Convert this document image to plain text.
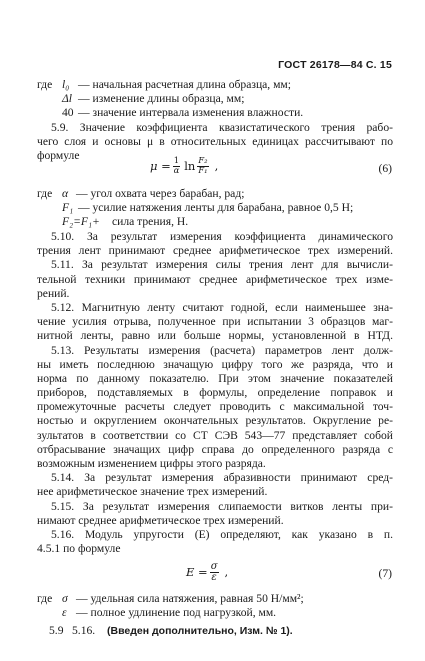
ГОСТ 26178—84 С. 15
где l₀ — начальная расчетная длина образца, мм;
Δl — изменение длины образца, мм;
40 — значение интервала изменения влажности.
5.9. Значение коэффициента квазистатического трения рабо-
чего слоя и основы μ в относительных единицах рассчитывают по
формуле
$\mu = \frac{1}{\alpha}$ $\ln \frac{\text{F₂}}{\text{F₁}}$ ,	(6)
где α — угол охвата через барабан, рад;
F₁ — усилие натяжения ленты для барабана, равное 0,5 Н;
F₂=F₁+ сила трения, Н.
5.10. За результат измерения коэффициента динамического
трения лент принимают среднее арифметическое трех измерений.
5.11. За результат измерения силы трения лент для вычисли-
тельной техники принимают среднее арифметическое трех изме-
рений.
5.12. Магнитную ленту считают годной, если наименьшее зна-
чение усилия отрыва, полученное при испытании 3 образцов маг-
нитной ленты, равно или больше нормы, установленной в НТД.
5.13. Результаты измерения (расчета) параметров лент долж-
ны иметь последнюю значащую цифру того же разряда, что и
норма по данному показателю. При этом значение показателей
приборов, подставляемых в формулы, определение поправок и
промежуточные расчеты следует проводить с максимальной точ-
ностью и округлением окончательных результатов. Округление ре-
зультатов в соответствии со СТ СЭВ 543—77 представляет собой
отбрасывание значащих цифр справа до определенного разряда с
возможным изменением цифры этого разряда.
5.14. За результат измерения абразивности принимают сред-
нее арифметическое значение трех измерений.
5.15. За результат измерения слипаемости витков ленты при-
нимают среднее арифметическое трех измерений.
5.16. Модуль упругости (E) определяют, как указано в п.
4.5.1 по формуле
$E = \frac{\sigma}{\varepsilon}$ ,	(7)
где σ — удельная сила натяжения, равная 50 Н/мм²;
ε — полное удлинение под нагрузкой, мм.
5.9 5.16. (Введен дополнительно, Изм. № 1).
